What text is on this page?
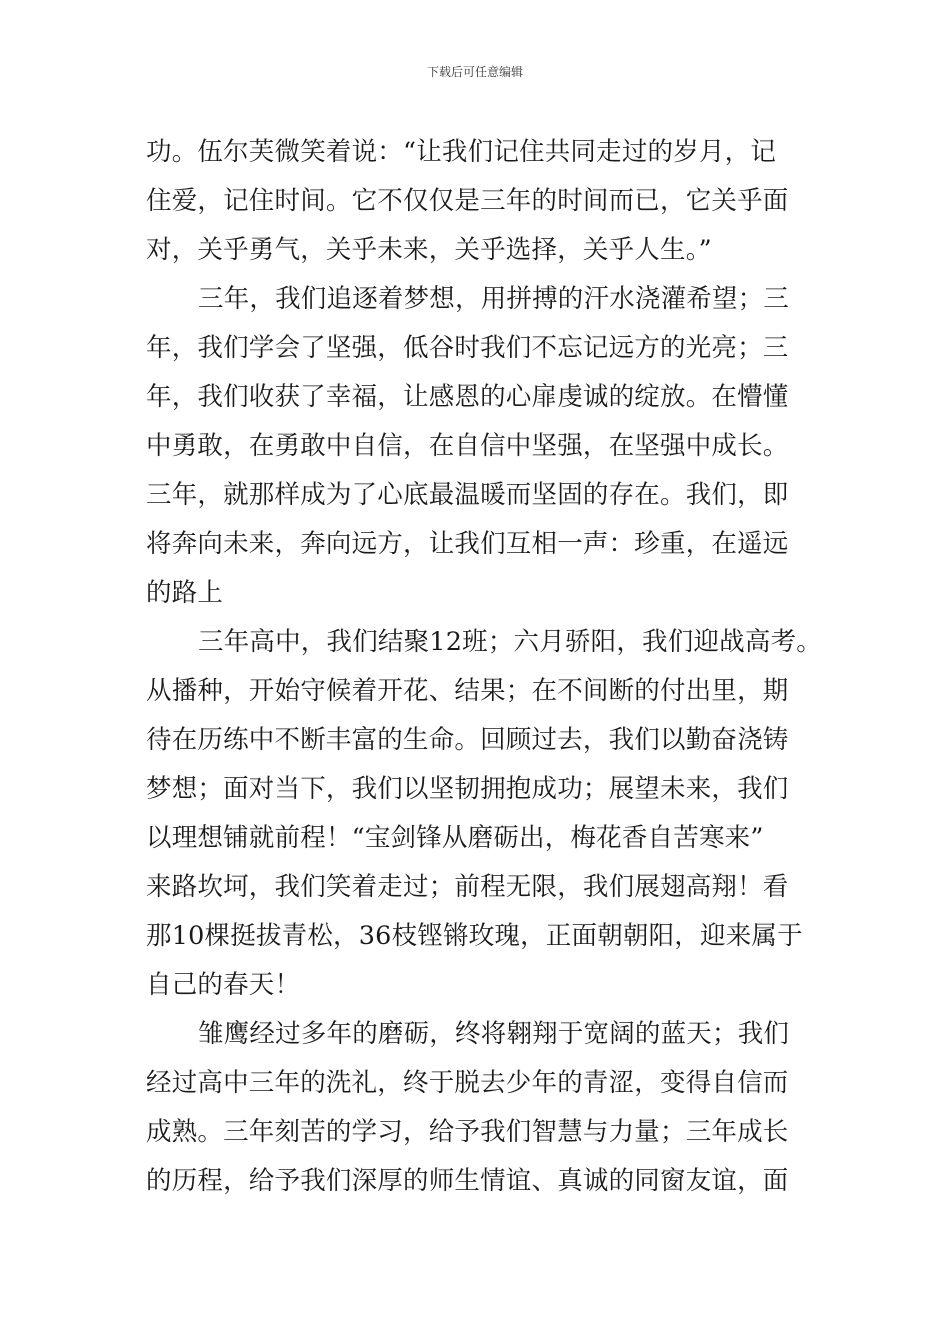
下载后可任意编辑
功。伍尔芙微笑着说：“让我们记住共同走过的岁月，记
住爱，记住时间。它不仅仅是三年的时间而已，它关乎面
对，关乎勇气，关乎未来，关乎选择，关乎人生。”
三年，我们追逐着梦想，用拼搏的汗水浇灌希望；三
年，我们学会了坚强，低谷时我们不忘记远方的光亮；三
年，我们收获了幸福，让感恩的心扉虔诚的绽放。在懵懂
中勇敢，在勇敢中自信，在自信中坚强，在坚强中成长。
三年，就那样成为了心底最温暖而坚固的存在。我们，即
将奔向未来，奔向远方，让我们互相一声：珍重，在遥远
的路上
三年高中，我们结聚12班；六月骄阳，我们迎战高考。
从播种，开始守候着开花、结果；在不间断的付出里，期
待在历练中不断丰富的生命。回顾过去，我们以勤奋浇铸
梦想；面对当下，我们以坚韧拥抱成功；展望未来，我们
以理想铺就前程！“宝剑锋从磨砺出，梅花香自苦寒来”
来路坎坷，我们笑着走过；前程无限，我们展翅高翔！看
那10棵挺拔青松，36枝铿锵玫瑰，正面朝朝阳，迎来属于
自己的春天！
雏鹰经过多年的磨砺，终将翱翔于宽阔的蓝天；我们
经过高中三年的洗礼，终于脱去少年的青涩，变得自信而
成熟。三年刻苦的学习，给予我们智慧与力量；三年成长
的历程，给予我们深厚的师生情谊、真诚的同窗友谊，面
